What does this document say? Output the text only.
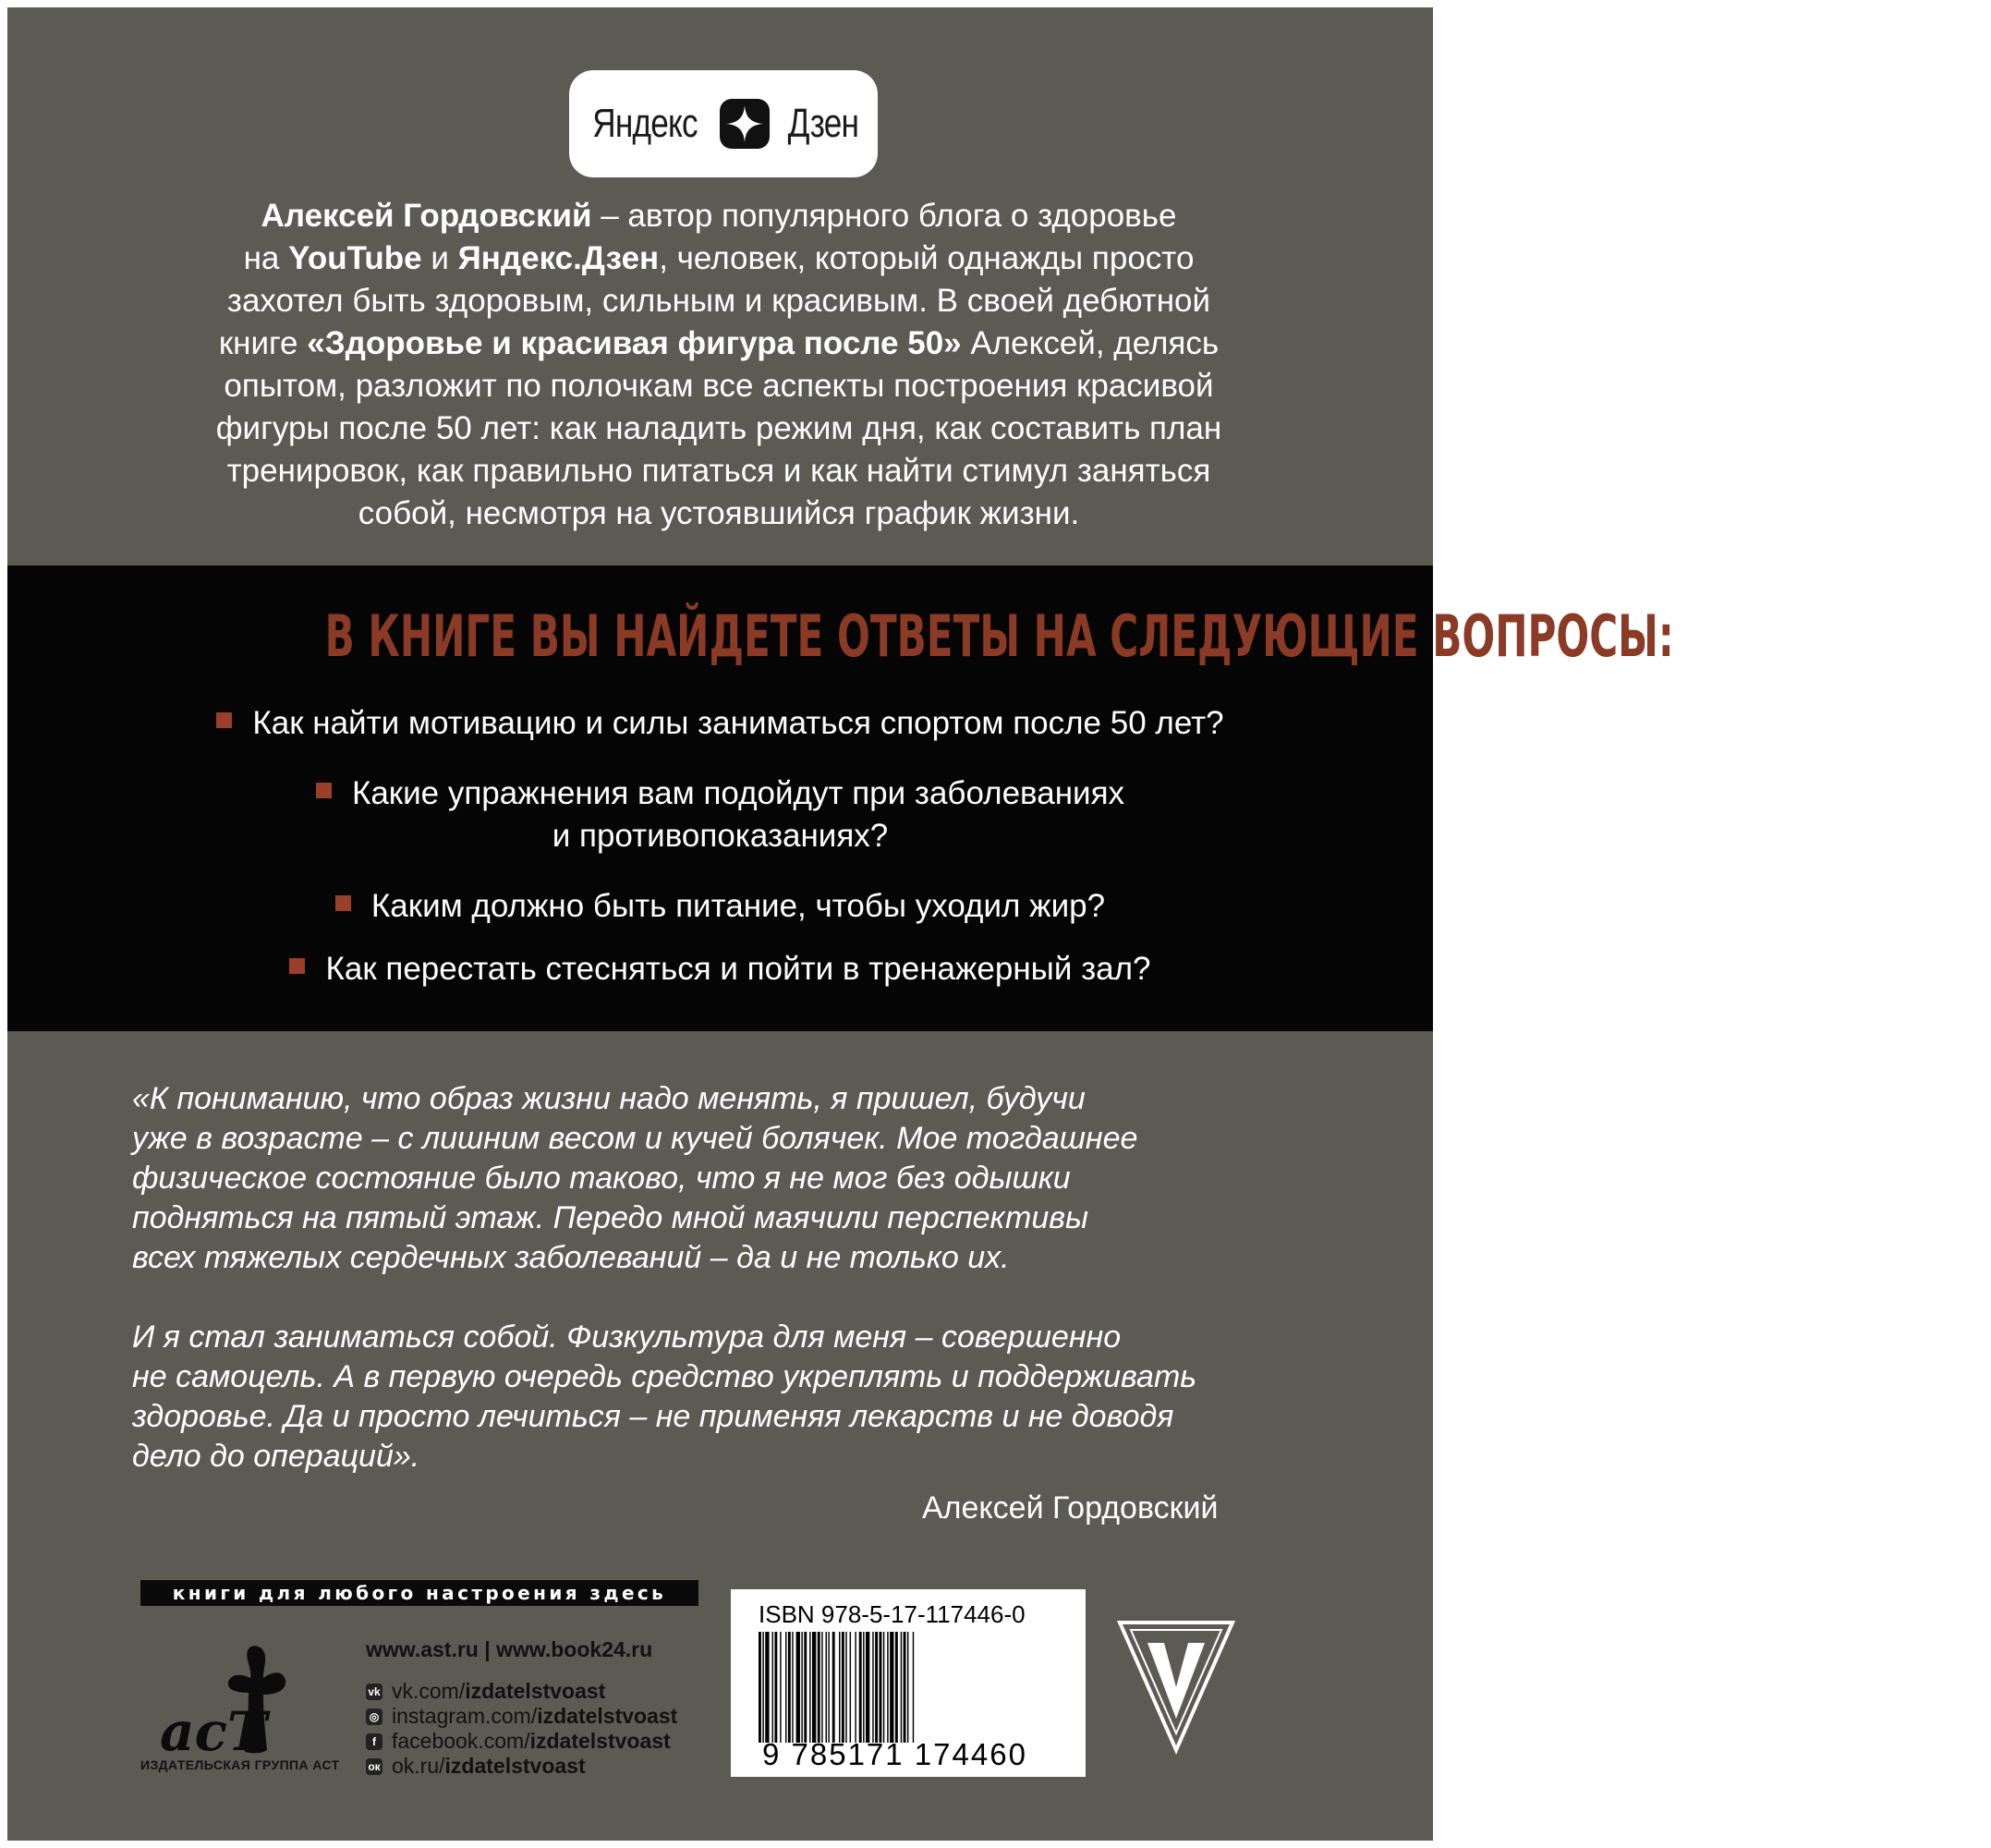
Яндекс Дзен
Алексей Гордовский – автор популярного блога о здоровье
на YouTube и Яндекс.Дзен, человек, который однажды просто
захотел быть здоровым, сильным и красивым. В своей дебютной
книге «Здоровье и красивая фигура после 50» Алексей, делясь
опытом, разложит по полочкам все аспекты построения красивой
фигуры после 50 лет: как наладить режим дня, как составить план
тренировок, как правильно питаться и как найти стимул заняться
собой, несмотря на устоявшийся график жизни.
В КНИГЕ ВЫ НАЙДЕТЕ ОТВЕТЫ НА СЛЕДУЮЩИЕ ВОПРОСЫ:
Как найти мотивацию и силы заниматься спортом после 50 лет?
Какие упражнения вам подойдут при заболеваниях
и противопоказаниях?
Каким должно быть питание, чтобы уходил жир?
Как перестать стесняться и пойти в тренажерный зал?
«К пониманию, что образ жизни надо менять, я пришел, будучи
уже в возрасте – с лишним весом и кучей болячек. Мое тогдашнее
физическое состояние было таково, что я не мог без одышки
подняться на пятый этаж. Передо мной маячили перспективы
всех тяжелых сердечных заболеваний – да и не только их.
И я стал заниматься собой. Физкультура для меня – совершенно
не самоцель. А в первую очередь средство укреплять и поддерживать
здоровье. Да и просто лечиться – не применяя лекарств и не доводя
дело до операций».
Алексей Гордовский
книги для любого настроения здесь
acT
ИЗДАТЕЛЬСКАЯ ГРУППА АСТ
www.ast.ru | www.book24.ru
vk vk.com/ izdatelstvoast
◎ instagram.com/ izdatelstvoast
f facebook.com/ izdatelstvoast
ок ok.ru/ izdatelstvoast
ISBN 978-5-17-117446-0
9 785171 174460
